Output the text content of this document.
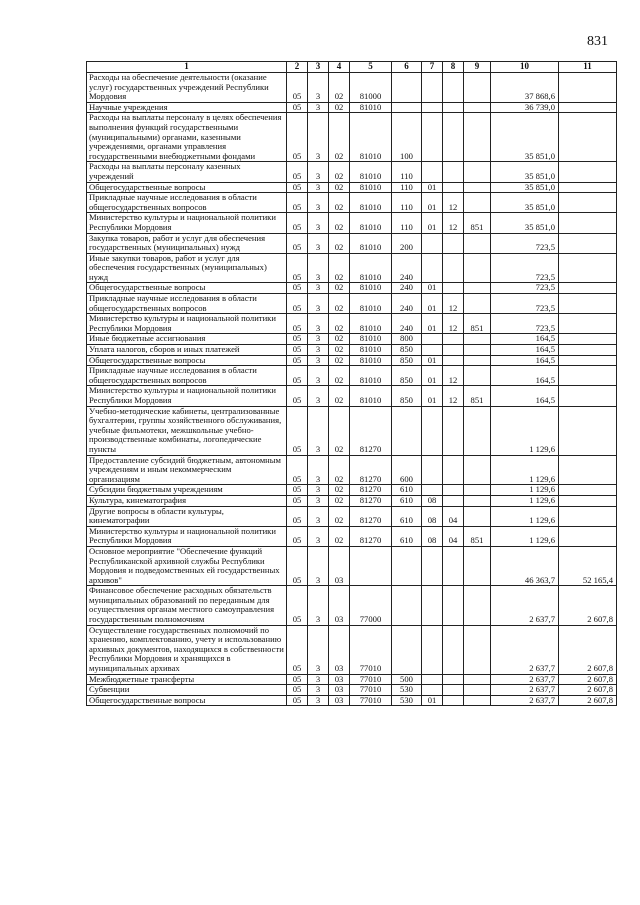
831
1	2	3	4	5	6	7	8	9	10	11
Расходы на обеспечение деятельности (оказание услуг) государственных учреждений Республики Мордовия	05	3	02	81000					37 868,6	
Научные учреждения	05	3	02	81010					36 739,0	
Расходы на выплаты персоналу в целях обеспечения выполнения функций государственными (муниципальными) органами, казенными учреждениями, органами управления государственными внебюджетными фондами	05	3	02	81010	100				35 851,0	
Расходы на выплаты персоналу казенных учреждений	05	3	02	81010	110				35 851,0	
Общегосударственные вопросы	05	3	02	81010	110	01			35 851,0	
Прикладные научные исследования в области общегосударственных вопросов	05	3	02	81010	110	01	12		35 851,0	
Министерство культуры и национальной политики Республики Мордовия	05	3	02	81010	110	01	12	851	35 851,0	
Закупка товаров, работ и услуг для обеспечения государственных (муниципальных) нужд	05	3	02	81010	200				723,5	
Иные закупки товаров, работ и услуг для обеспечения государственных (муниципальных) нужд	05	3	02	81010	240				723,5	
Общегосударственные вопросы	05	3	02	81010	240	01			723,5	
Прикладные научные исследования в области общегосударственных вопросов	05	3	02	81010	240	01	12		723,5	
Министерство культуры и национальной политики Республики Мордовия	05	3	02	81010	240	01	12	851	723,5	
Иные бюджетные ассигнования	05	3	02	81010	800				164,5	
Уплата налогов, сборов и иных платежей	05	3	02	81010	850				164,5	
Общегосударственные вопросы	05	3	02	81010	850	01			164,5	
Прикладные научные исследования в области общегосударственных вопросов	05	3	02	81010	850	01	12		164,5	
Министерство культуры и национальной политики Республики Мордовия	05	3	02	81010	850	01	12	851	164,5	
Учебно-методические кабинеты, централизованные бухгалтерии, группы хозяйственного обслуживания, учебные фильмотеки, межшкольные учебно-производственные комбинаты, логопедические пункты	05	3	02	81270					1 129,6	
Предоставление субсидий бюджетным, автономным учреждениям и иным некоммерческим организациям	05	3	02	81270	600				1 129,6	
Субсидии бюджетным учреждениям	05	3	02	81270	610				1 129,6	
Культура, кинематография	05	3	02	81270	610	08			1 129,6	
Другие вопросы в области культуры, кинематографии	05	3	02	81270	610	08	04		1 129,6	
Министерство культуры и национальной политики Республики Мордовия	05	3	02	81270	610	08	04	851	1 129,6	
Основное мероприятие "Обеспечение функций Республиканской архивной службы Республики Мордовия и подведомственных ей государственных архивов"	05	3	03						46 363,7	52 165,4
Финансовое обеспечение расходных обязательств муниципальных образований по переданным для осуществления органам местного самоуправления государственным полномочиям	05	3	03	77000					2 637,7	2 607,8
Осуществление государственных полномочий по хранению, комплектованию, учету и использованию архивных документов, находящихся в собственности Республики Мордовия и хранящихся в муниципальных архивах	05	3	03	77010					2 637,7	2 607,8
Межбюджетные трансферты	05	3	03	77010	500				2 637,7	2 607,8
Субвенции	05	3	03	77010	530				2 637,7	2 607,8
Общегосударственные вопросы	05	3	03	77010	530	01			2 637,7	2 607,8
